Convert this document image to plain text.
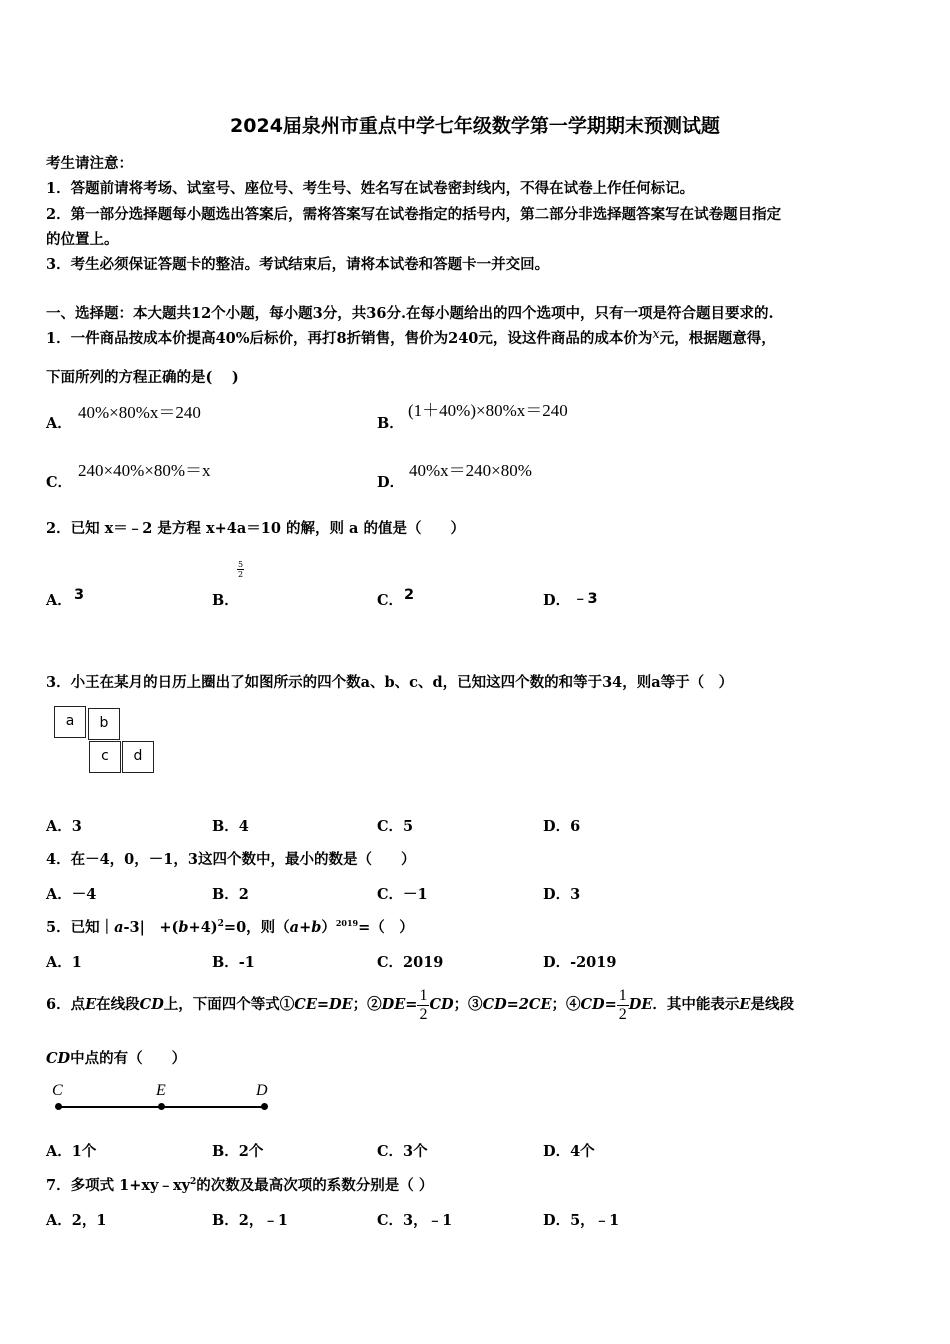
2024届泉州市重点中学七年级数学第一学期期末预测试题
考生请注意：
1．答题前请将考场、试室号、座位号、考生号、姓名写在试卷密封线内，不得在试卷上作任何标记。
2．第一部分选择题每小题选出答案后，需将答案写在试卷指定的括号内，第二部分非选择题答案写在试卷题目指定
的位置上。
3．考生必须保证答题卡的整洁。考试结束后，请将本试卷和答题卡一并交回。
一、选择题：本大题共12个小题，每小题3分，共36分.在每小题给出的四个选项中，只有一项是符合题目要求的.
1．一件商品按成本价提高40%后标价，再打8折销售，售价为240元，设这件商品的成本价为x元，根据题意得，
下面所列的方程正确的是(　 )
A．
40%×80%x＝240
B．
(1＋40%)×80%x＝240
C．
240×40%×80%＝x
D．
40%x＝240×80%
2．已知 x＝﹣2 是方程 x+4a＝10 的解，则 a 的值是（　　）
A． 3	B．
$\frac{5}{2}$
C． 2	D． ﹣3
3．小王在某月的日历上圈出了如图所示的四个数a、b、c、d，已知这四个数的和等于34，则a等于（　）
a	b
c	d
A．3	B．4	C．5	D．6
4．在－4，0，－1，3这四个数中，最小的数是（　　）
A．－4	B．2	C．－1	D．3
5．已知｜a-3|　$+(b+4)^2=0$，则$(a+b)^{2019}=$（　）
A．1	B．-1	C．2019	D．-2019
6．点E在线段CD上，下面四个等式①CE=DE；②DE= $\frac{1}{2}$ CD；③CD=2CE；④CD= $\frac{1}{2}$ DE．其中能表示E是线段
CD中点的有（　　）
C	E	D
A．1个	B．2个	C．3个	D．4个
7．多项式 $1+xy﹣xy^2$的次数及最高次项的系数分别是（ ）
A．2，1	B．2，﹣1	C．3，﹣1	D．5，﹣1
